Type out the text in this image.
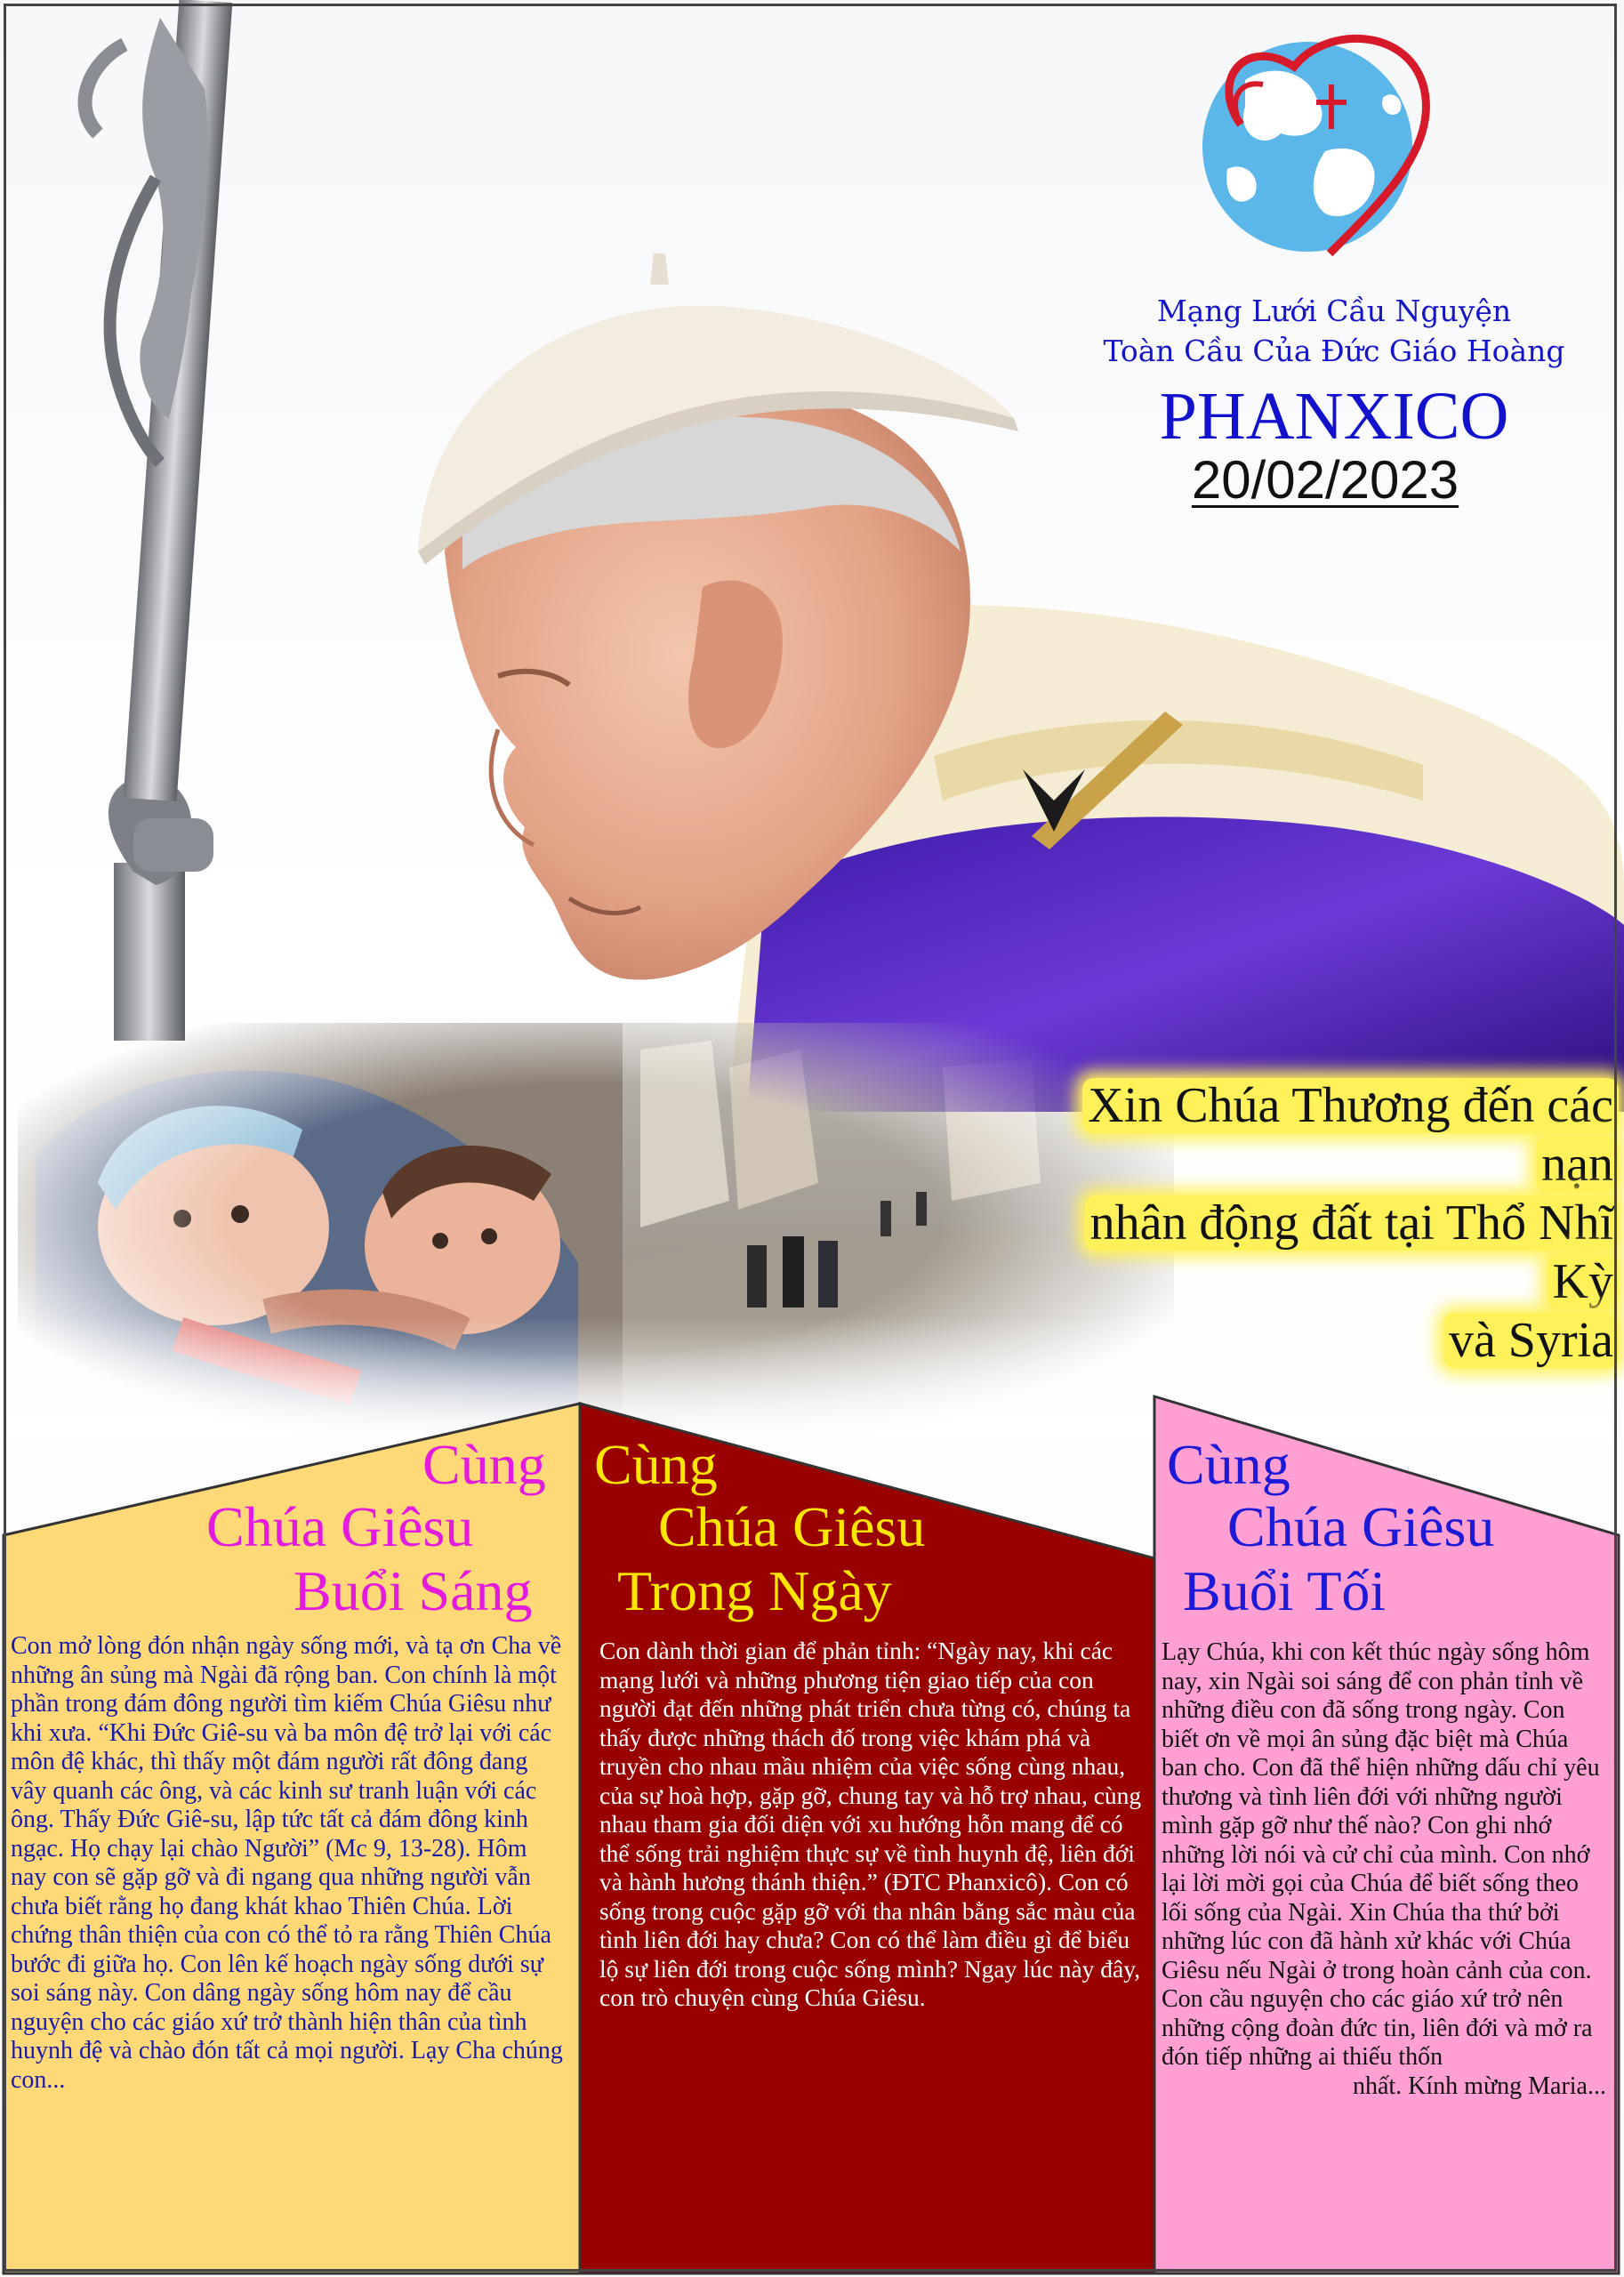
Mạng Lưới Cầu Nguyện
Toàn Cầu Của Đức Giáo Hoàng
PHANXICO
20/02/2023
Xin Chúa Thương đến các nạn
nhân động đất tại Thổ Nhĩ Kỳ
và Syria
Cùng
Chúa Giêsu
Buổi Sáng
Con mở lòng đón nhận ngày sống mới, và tạ ơn Cha về những ân sủng mà Ngài đã rộng ban. Con chính là một phần trong đám đông người tìm kiếm Chúa Giêsu như khi xưa. “Khi Đức Giê-su và ba môn đệ trở lại với các môn đệ khác, thì thấy một đám người rất đông đang vây quanh các ông, và các kinh sư tranh luận với các ông. Thấy Đức Giê-su, lập tức tất cả đám đông kinh ngạc. Họ chạy lại chào Người” (Mc 9, 13-28). Hôm nay con sẽ gặp gỡ và đi ngang qua những người vẫn chưa biết rằng họ đang khát khao Thiên Chúa. Lời chứng thân thiện của con có thể tỏ ra rằng Thiên Chúa bước đi giữa họ. Con lên kế hoạch ngày sống dưới sự soi sáng này. Con dâng ngày sống hôm nay để cầu nguyện cho các giáo xứ trở thành hiện thân của tình huynh đệ và chào đón tất cả mọi người. Lạy Cha chúng con...
Cùng
Chúa Giêsu
Trong Ngày
Con dành thời gian để phản tỉnh: “Ngày nay, khi các mạng lưới và những phương tiện giao tiếp của con người đạt đến những phát triển chưa từng có, chúng ta thấy được những thách đố trong việc khám phá và truyền cho nhau mầu nhiệm của việc sống cùng nhau, của sự hoà hợp, gặp gỡ, chung tay và hỗ trợ nhau, cùng nhau tham gia đối diện với xu hướng hỗn mang để có thể sống trải nghiệm thực sự về tình huynh đệ, liên đới và hành hương thánh thiện.” (ĐTC Phanxicô). Con có sống trong cuộc gặp gỡ với tha nhân bằng sắc màu của tình liên đới hay chưa? Con có thể làm điều gì để biểu lộ sự liên đới trong cuộc sống mình? Ngay lúc này đây, con trò chuyện cùng Chúa Giêsu.
Cùng
Chúa Giêsu
Buổi Tối
Lạy Chúa, khi con kết thúc ngày sống hôm nay, xin Ngài soi sáng để con phản tỉnh về những điều con đã sống trong ngày. Con biết ơn về mọi ân sủng đặc biệt mà Chúa ban cho. Con đã thể hiện những dấu chỉ yêu thương và tình liên đới với những người mình gặp gỡ như thế nào? Con ghi nhớ những lời nói và cử chỉ của mình. Con nhớ lại lời mời gọi của Chúa để biết sống theo lối sống của Ngài. Xin Chúa tha thứ bởi những lúc con đã hành xử khác với Chúa Giêsu nếu Ngài ở trong hoàn cảnh của con. Con cầu nguyện cho các giáo xứ trở nên những cộng đoàn đức tin, liên đới và mở ra đón tiếp những ai thiếu thốn
nhất. Kính mừng Maria...
